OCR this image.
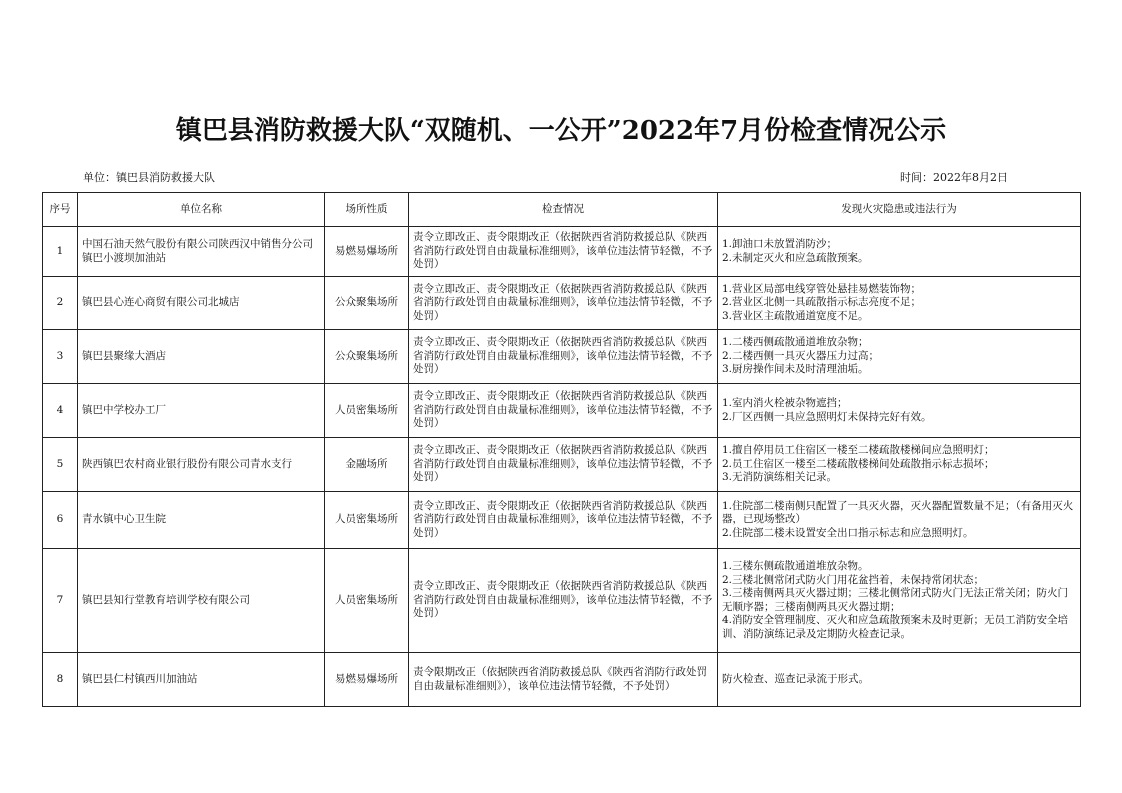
镇巴县消防救援大队“双随机、一公开”2022年7月份检查情况公示
单位：镇巴县消防救援大队	时间：2022年8月2日
序号	单位名称	场所性质	检查情况	发现火灾隐患或违法行为
1	中国石油天然气股份有限公司陕西汉中销售分公司镇巴小渡坝加油站	易燃易爆场所	责令立即改正、责令限期改正（依据陕西省消防救援总队《陕西省消防行政处罚自由裁量标准细则》，该单位违法情节轻微，不予处罚）	1.卸油口未放置消防沙；
2.未制定灭火和应急疏散预案。

2	镇巴县心连心商贸有限公司北城店	公众聚集场所	责令立即改正、责令限期改正（依据陕西省消防救援总队《陕西省消防行政处罚自由裁量标准细则》，该单位违法情节轻微，不予处罚）	1.营业区局部电线穿管处悬挂易燃装饰物；
2.营业区北侧一具疏散指示标志亮度不足；
3.营业区主疏散通道宽度不足。

3	镇巴县聚缘大酒店	公众聚集场所	责令立即改正、责令限期改正（依据陕西省消防救援总队《陕西省消防行政处罚自由裁量标准细则》，该单位违法情节轻微，不予处罚）	1.二楼西侧疏散通道堆放杂物；
2.二楼西侧一具灭火器压力过高；
3.厨房操作间未及时清理油垢。

4	镇巴中学校办工厂	人员密集场所	责令立即改正、责令限期改正（依据陕西省消防救援总队《陕西省消防行政处罚自由裁量标准细则》，该单位违法情节轻微，不予处罚）	1.室内消火栓被杂物遮挡；
2.厂区西侧一具应急照明灯未保持完好有效。

5	陕西镇巴农村商业银行股份有限公司青水支行	金融场所	责令立即改正、责令限期改正（依据陕西省消防救援总队《陕西省消防行政处罚自由裁量标准细则》，该单位违法情节轻微，不予处罚）	1.擅自停用员工住宿区一楼至二楼疏散楼梯间应急照明灯；
2.员工住宿区一楼至二楼疏散楼梯间处疏散指示标志损坏；
3.无消防演练相关记录。

6	青水镇中心卫生院	人员密集场所	责令立即改正、责令限期改正（依据陕西省消防救援总队《陕西省消防行政处罚自由裁量标准细则》，该单位违法情节轻微，不予处罚）	1.住院部二楼南侧只配置了一具灭火器，灭火器配置数量不足；（有备用灭火器，已现场整改）
2.住院部二楼未设置安全出口指示标志和应急照明灯。

7	镇巴县知行堂教育培训学校有限公司	人员密集场所	责令立即改正、责令限期改正（依据陕西省消防救援总队《陕西省消防行政处罚自由裁量标准细则》，该单位违法情节轻微，不予处罚）	1.三楼东侧疏散通道堆放杂物。
2.三楼北侧常闭式防火门用花盆挡着，未保持常闭状态；
3.三楼南侧两具灭火器过期；三楼北侧常闭式防火门无法正常关闭；防火门无顺序器；三楼南侧两具灭火器过期；
4.消防安全管理制度、灭火和应急疏散预案未及时更新；无员工消防安全培训、消防演练记录及定期防火检查记录。

8	镇巴县仁村镇西川加油站	易燃易爆场所	责令限期改正（依据陕西省消防救援总队《陕西省消防行政处罚自由裁量标准细则》），该单位违法情节轻微，不予处罚）	防火检查、巡查记录流于形式。
